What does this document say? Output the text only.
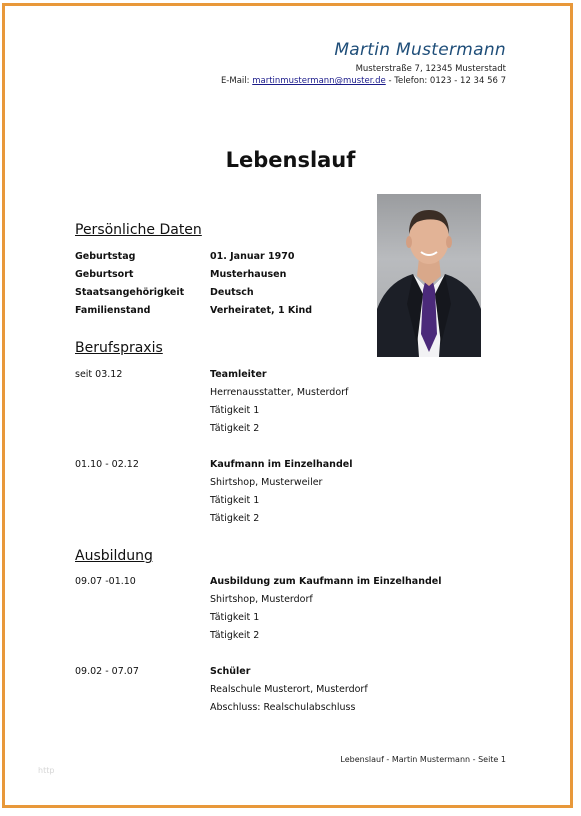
Martin Mustermann
Musterstraße 7, 12345 Musterstadt
E-Mail: martinmustermann@muster.de - Telefon: 0123 - 12 34 56 7
Lebenslauf
Persönliche Daten
Geburtstag	01. Januar 1970
Geburtsort	Musterhausen
Staatsangehörigkeit	Deutsch
Familienstand	Verheiratet, 1 Kind
Berufspraxis
seit 03.12	Teamleiter
Herrenausstatter, Musterdorf
Tätigkeit 1
Tätigkeit 2
01.10 - 02.12	Kaufmann im Einzelhandel
Shirtshop, Musterweiler
Tätigkeit 1
Tätigkeit 2
Ausbildung
09.07 -01.10	Ausbildung zum Kaufmann im Einzelhandel
Shirtshop, Musterdorf
Tätigkeit 1
Tätigkeit 2
09.02 - 07.07	Schüler
Realschule Musterort, Musterdorf
Abschluss: Realschulabschluss
Lebenslauf - Martin Mustermann - Seite 1
http
